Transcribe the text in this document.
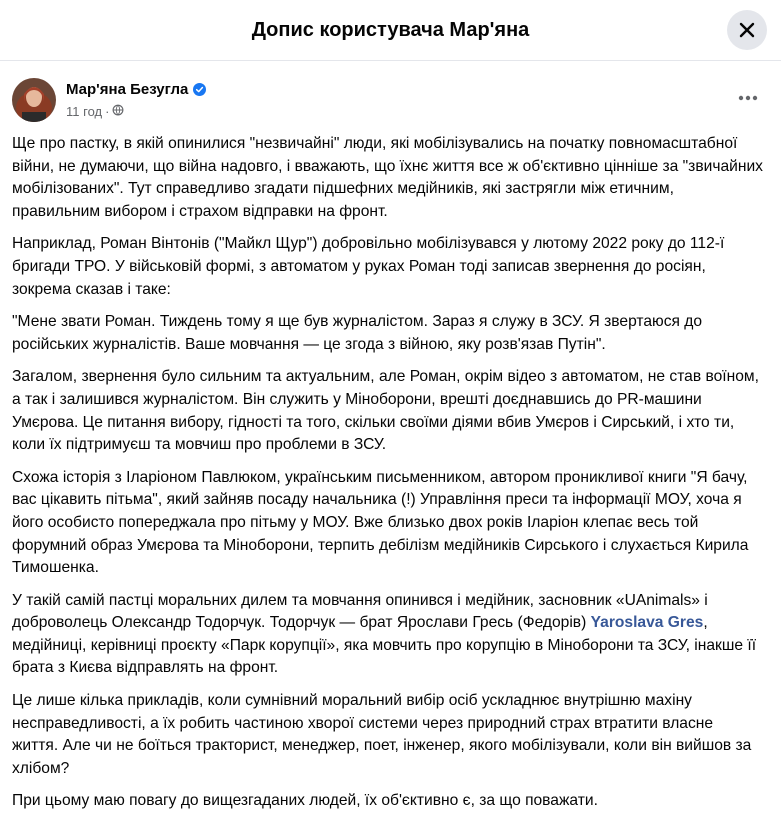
Допис користувача Мар'яна
Мар'яна Безугла
11 год ·

Ще про пастку, в якій опинилися "незвичайні" люди, які мобілізувались на початку повномасштабної війни, не думаючи, що війна надовго, і вважають, що їхнє життя все ж об'єктивно цінніше за "звичайних мобілізованих". Тут справедливо згадати підшефних медійників, які застрягли між етичним, правильним вибором і страхом відправки на фронт.

Наприклад, Роман Вінтонів ("Майкл Щур") добровільно мобілізувався у лютому 2022 року до 112-ї бригади ТРО. У військовій формі, з автоматом у руках Роман тоді записав звернення до росіян, зокрема сказав і таке:

"Мене звати Роман. Тиждень тому я ще був журналістом. Зараз я служу в ЗСУ. Я звертаюся до російських журналістів. Ваше мовчання — це згода з війною, яку розв'язав Путін".

Загалом, звернення було сильним та актуальним, але Роман, окрім відео з автоматом, не став воїном, а так і залишився журналістом. Він служить у Міноборони, врешті доєднавшись до PR-машини Умєрова. Це питання вибору, гідності та того, скільки своїми діями вбив Умєров і Сирський, і хто ти, коли їх підтримуєш та мовчиш про проблеми в ЗСУ.

Схожа історія з Іларіоном Павлюком, українським письменником, автором проникливої книги "Я бачу, вас цікавить пітьма", який зайняв посаду начальника (!) Управління преси та інформації МОУ, хоча я його особисто попереджала про пітьму у МОУ. Вже близько двох років Іларіон клепає весь той форумний образ Умєрова та Міноборони, терпить дебілізм медійників Сирського і слухається Кирила Тимошенка.

У такій самій пастці моральних дилем та мовчання опинився і медійник, засновник «UAnimals» і доброволець Олександр Тодорчук. Тодорчук — брат Ярослави Гресь (Федорів) Yaroslava Gres, медійниці, керівниці проєкту «Парк корупції», яка мовчить про корупцію в Міноборони та ЗСУ, інакше її брата з Києва відправлять на фронт.

Це лише кілька прикладів, коли сумнівний моральний вибір осіб ускладнює внутрішню махіну несправедливості, а їх робить частиною хворої системи через природний страх втратити власне життя. Але чи не боїться тракторист, менеджер, поет, інженер, якого мобілізували, коли він вийшов за хлібом?

При цьому маю повагу до вищезгаданих людей, їх об'єктивно є, за що поважати.
